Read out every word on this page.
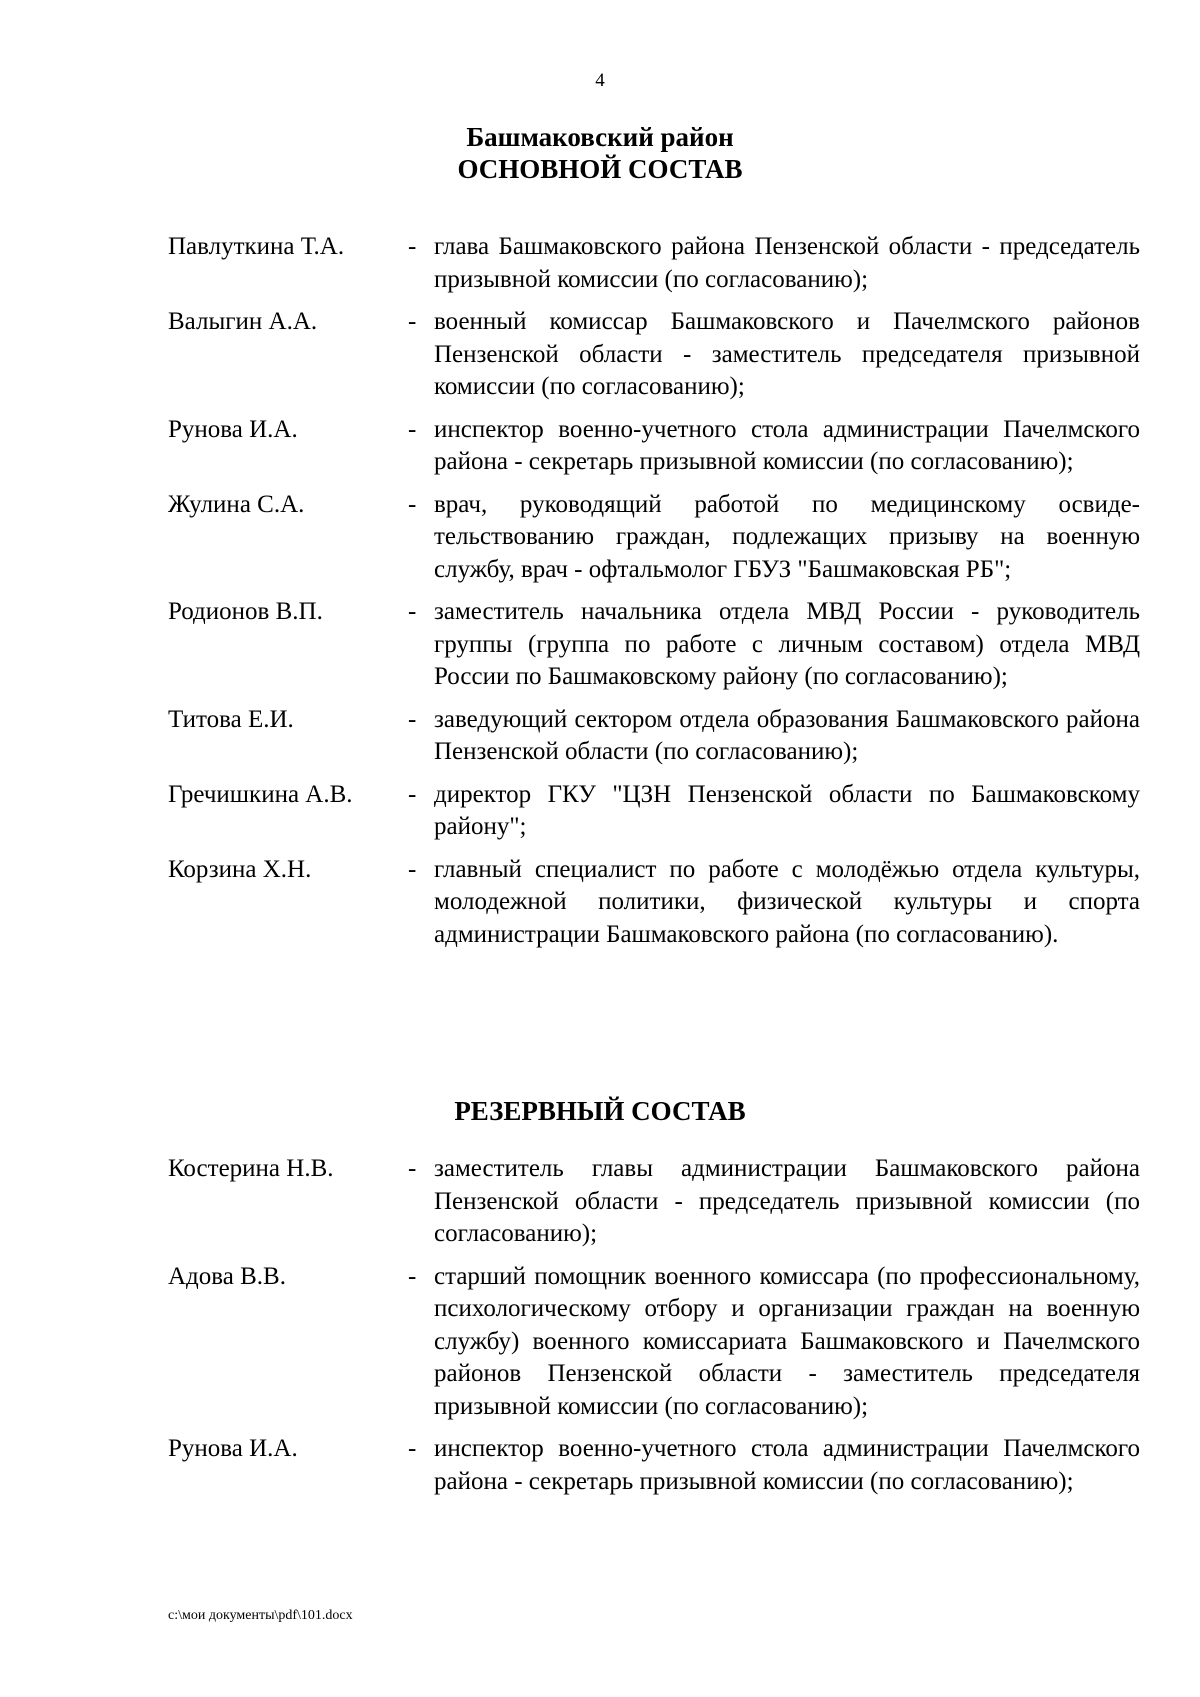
4
Башмаковский район
ОСНОВНОЙ СОСТАВ
Павлуткина Т.А.	- глава Башмаковского района Пензенской области - председатель призывной комиссии (по согласованию);
Валыгин А.А.	- военный комиссар Башмаковского и Пачелмского районов Пензенской области - заместитель председателя призывной комиссии (по согласованию);
Рунова И.А.	- инспектор военно-учетного стола администрации Пачелмского района - секретарь призывной комиссии (по согласованию);
Жулина С.А.	- врач, руководящий работой по медицинскому освидетельствованию граждан, подлежащих призыву на военную службу, врач - офтальмолог ГБУЗ "Башмаковская РБ";
Родионов В.П.	- заместитель начальника отдела МВД России - руководитель группы (группа по работе с личным составом) отдела МВД России по Башмаковскому району (по согласованию);
Титова Е.И.	- заведующий сектором отдела образования Башмаковского района Пензенской области (по согласованию);
Гречишкина А.В.	- директор ГКУ "ЦЗН Пензенской области по Башмаковскому району";
Корзина Х.Н.	- главный специалист по работе с молодёжью отдела культуры, молодежной политики, физической культуры и спорта администрации Башмаковского района (по согласованию).
РЕЗЕРВНЫЙ СОСТАВ
Костерина Н.В.	- заместитель главы администрации Башмаковского района Пензенской области - председатель призывной комиссии (по согласованию);
Адова В.В.	- старший помощник военного комиссара (по профессиональному, психологическому отбору и организации граждан на военную службу) военного комиссариата Башмаковского и Пачелмского районов Пензенской области - заместитель председателя призывной комиссии (по согласованию);
Рунова И.А.	- инспектор военно-учетного стола администрации Пачелмского района - секретарь призывной комиссии (по согласованию);
c:\мои документы\pdf\101.docx
